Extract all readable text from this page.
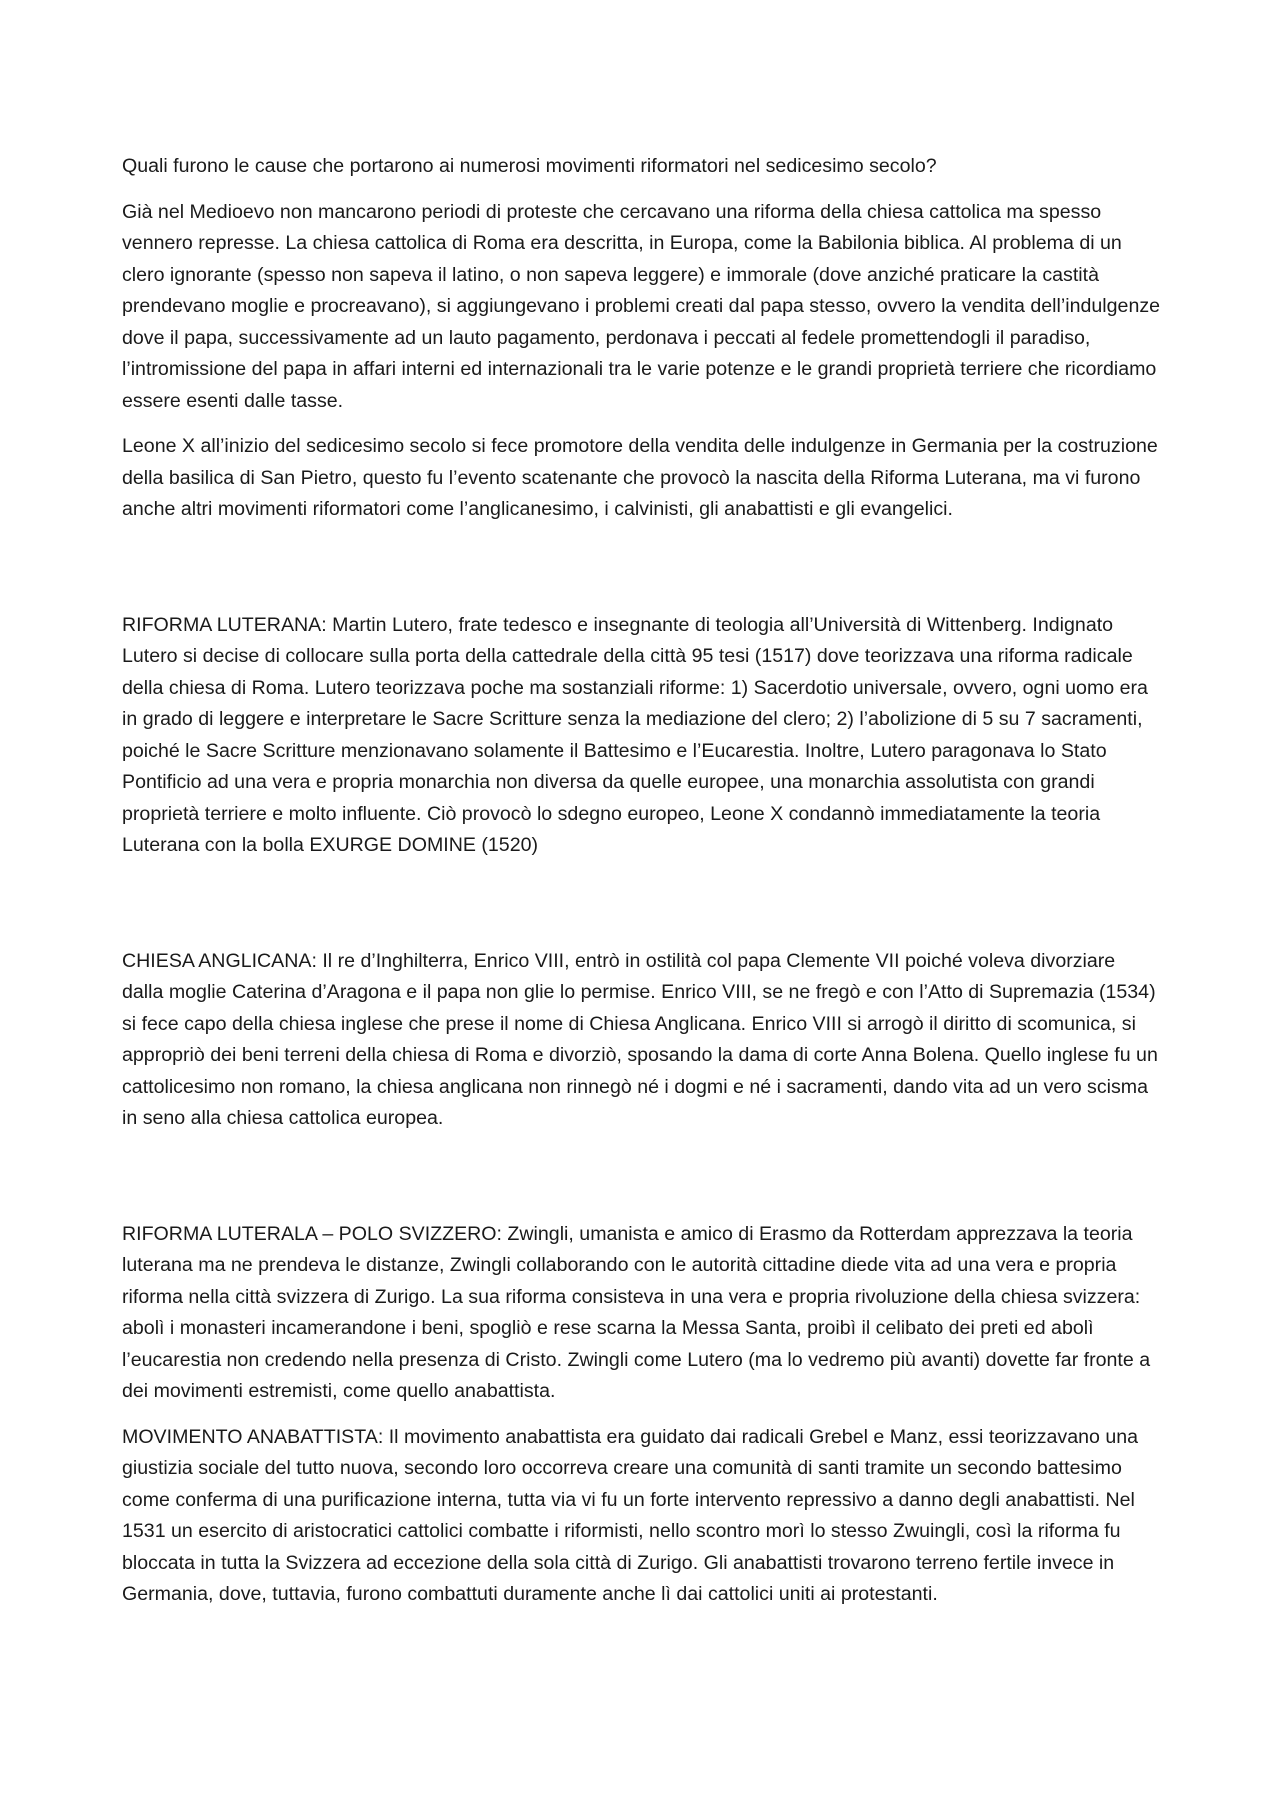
Quali furono le cause che portarono ai numerosi movimenti riformatori nel sedicesimo secolo?

Già nel Medioevo non mancarono periodi di proteste che cercavano una riforma della chiesa cattolica ma spesso vennero represse. La chiesa cattolica di Roma era descritta, in Europa, come la Babilonia biblica. Al problema di un clero ignorante (spesso non sapeva il latino, o non sapeva leggere) e immorale (dove anziché praticare la castità prendevano moglie e procreavano), si aggiungevano i problemi creati dal papa stesso, ovvero la vendita dell’indulgenze dove il papa, successivamente ad un lauto pagamento, perdonava i peccati al fedele promettendogli il paradiso, l’intromissione del papa in affari interni ed internazionali tra le varie potenze e le grandi proprietà terriere che ricordiamo essere esenti dalle tasse.

Leone X all’inizio del sedicesimo secolo si fece promotore della vendita delle indulgenze in Germania per la costruzione della basilica di San Pietro, questo fu l’evento scatenante che provocò la nascita della Riforma Luterana, ma vi furono anche altri movimenti riformatori come l’anglicanesimo, i calvinisti, gli anabattisti e gli evangelici.

RIFORMA LUTERANA: Martin Lutero, frate tedesco e insegnante di teologia all’Università di Wittenberg. Indignato Lutero si decise di collocare sulla porta della cattedrale della città 95 tesi (1517) dove teorizzava una riforma radicale della chiesa di Roma. Lutero teorizzava poche ma sostanziali riforme: 1) Sacerdotio universale, ovvero, ogni uomo era in grado di leggere e interpretare le Sacre Scritture senza la mediazione del clero; 2) l’abolizione di 5 su 7 sacramenti, poiché le Sacre Scritture menzionavano solamente il Battesimo e l’Eucarestia. Inoltre, Lutero paragonava lo Stato Pontificio ad una vera e propria monarchia non diversa da quelle europee, una monarchia assolutista con grandi proprietà terriere e molto influente. Ciò provocò lo sdegno europeo, Leone X condannò immediatamente la teoria Luterana con la bolla EXURGE DOMINE (1520)

CHIESA ANGLICANA: Il re d’Inghilterra, Enrico VIII, entrò in ostilità col papa Clemente VII poiché voleva divorziare dalla moglie Caterina d’Aragona e il papa non glie lo permise. Enrico VIII, se ne fregò e con l’Atto di Supremazia (1534) si fece capo della chiesa inglese che prese il nome di Chiesa Anglicana. Enrico VIII si arrogò il diritto di scomunica, si appropriò dei beni terreni della chiesa di Roma e divorziò, sposando la dama di corte Anna Bolena. Quello inglese fu un cattolicesimo non romano, la chiesa anglicana non rinnegò né i dogmi e né i sacramenti, dando vita ad un vero scisma in seno alla chiesa cattolica europea.

RIFORMA LUTERALA – POLO SVIZZERO: Zwingli, umanista e amico di Erasmo da Rotterdam apprezzava la teoria luterana ma ne prendeva le distanze, Zwingli collaborando con le autorità cittadine diede vita ad una vera e propria riforma nella città svizzera di Zurigo. La sua riforma consisteva in una vera e propria rivoluzione della chiesa svizzera: abolì i monasteri incamerandone i beni, spogliò e rese scarna la Messa Santa, proibì il celibato dei preti ed abolì l’eucarestia non credendo nella presenza di Cristo. Zwingli come Lutero (ma lo vedremo più avanti) dovette far fronte a dei movimenti estremisti, come quello anabattista.

MOVIMENTO ANABATTISTA: Il movimento anabattista era guidato dai radicali Grebel e Manz, essi teorizzavano una giustizia sociale del tutto nuova, secondo loro occorreva creare una comunità di santi tramite un secondo battesimo come conferma di una purificazione interna, tutta via vi fu un forte intervento repressivo a danno degli anabattisti. Nel 1531 un esercito di aristocratici cattolici combatte i riformisti, nello scontro morì lo stesso Zwuingli, così la riforma fu bloccata in tutta la Svizzera ad eccezione della sola città di Zurigo. Gli anabattisti trovarono terreno fertile invece in Germania, dove, tuttavia, furono combattuti duramente anche lì dai cattolici uniti ai protestanti.
